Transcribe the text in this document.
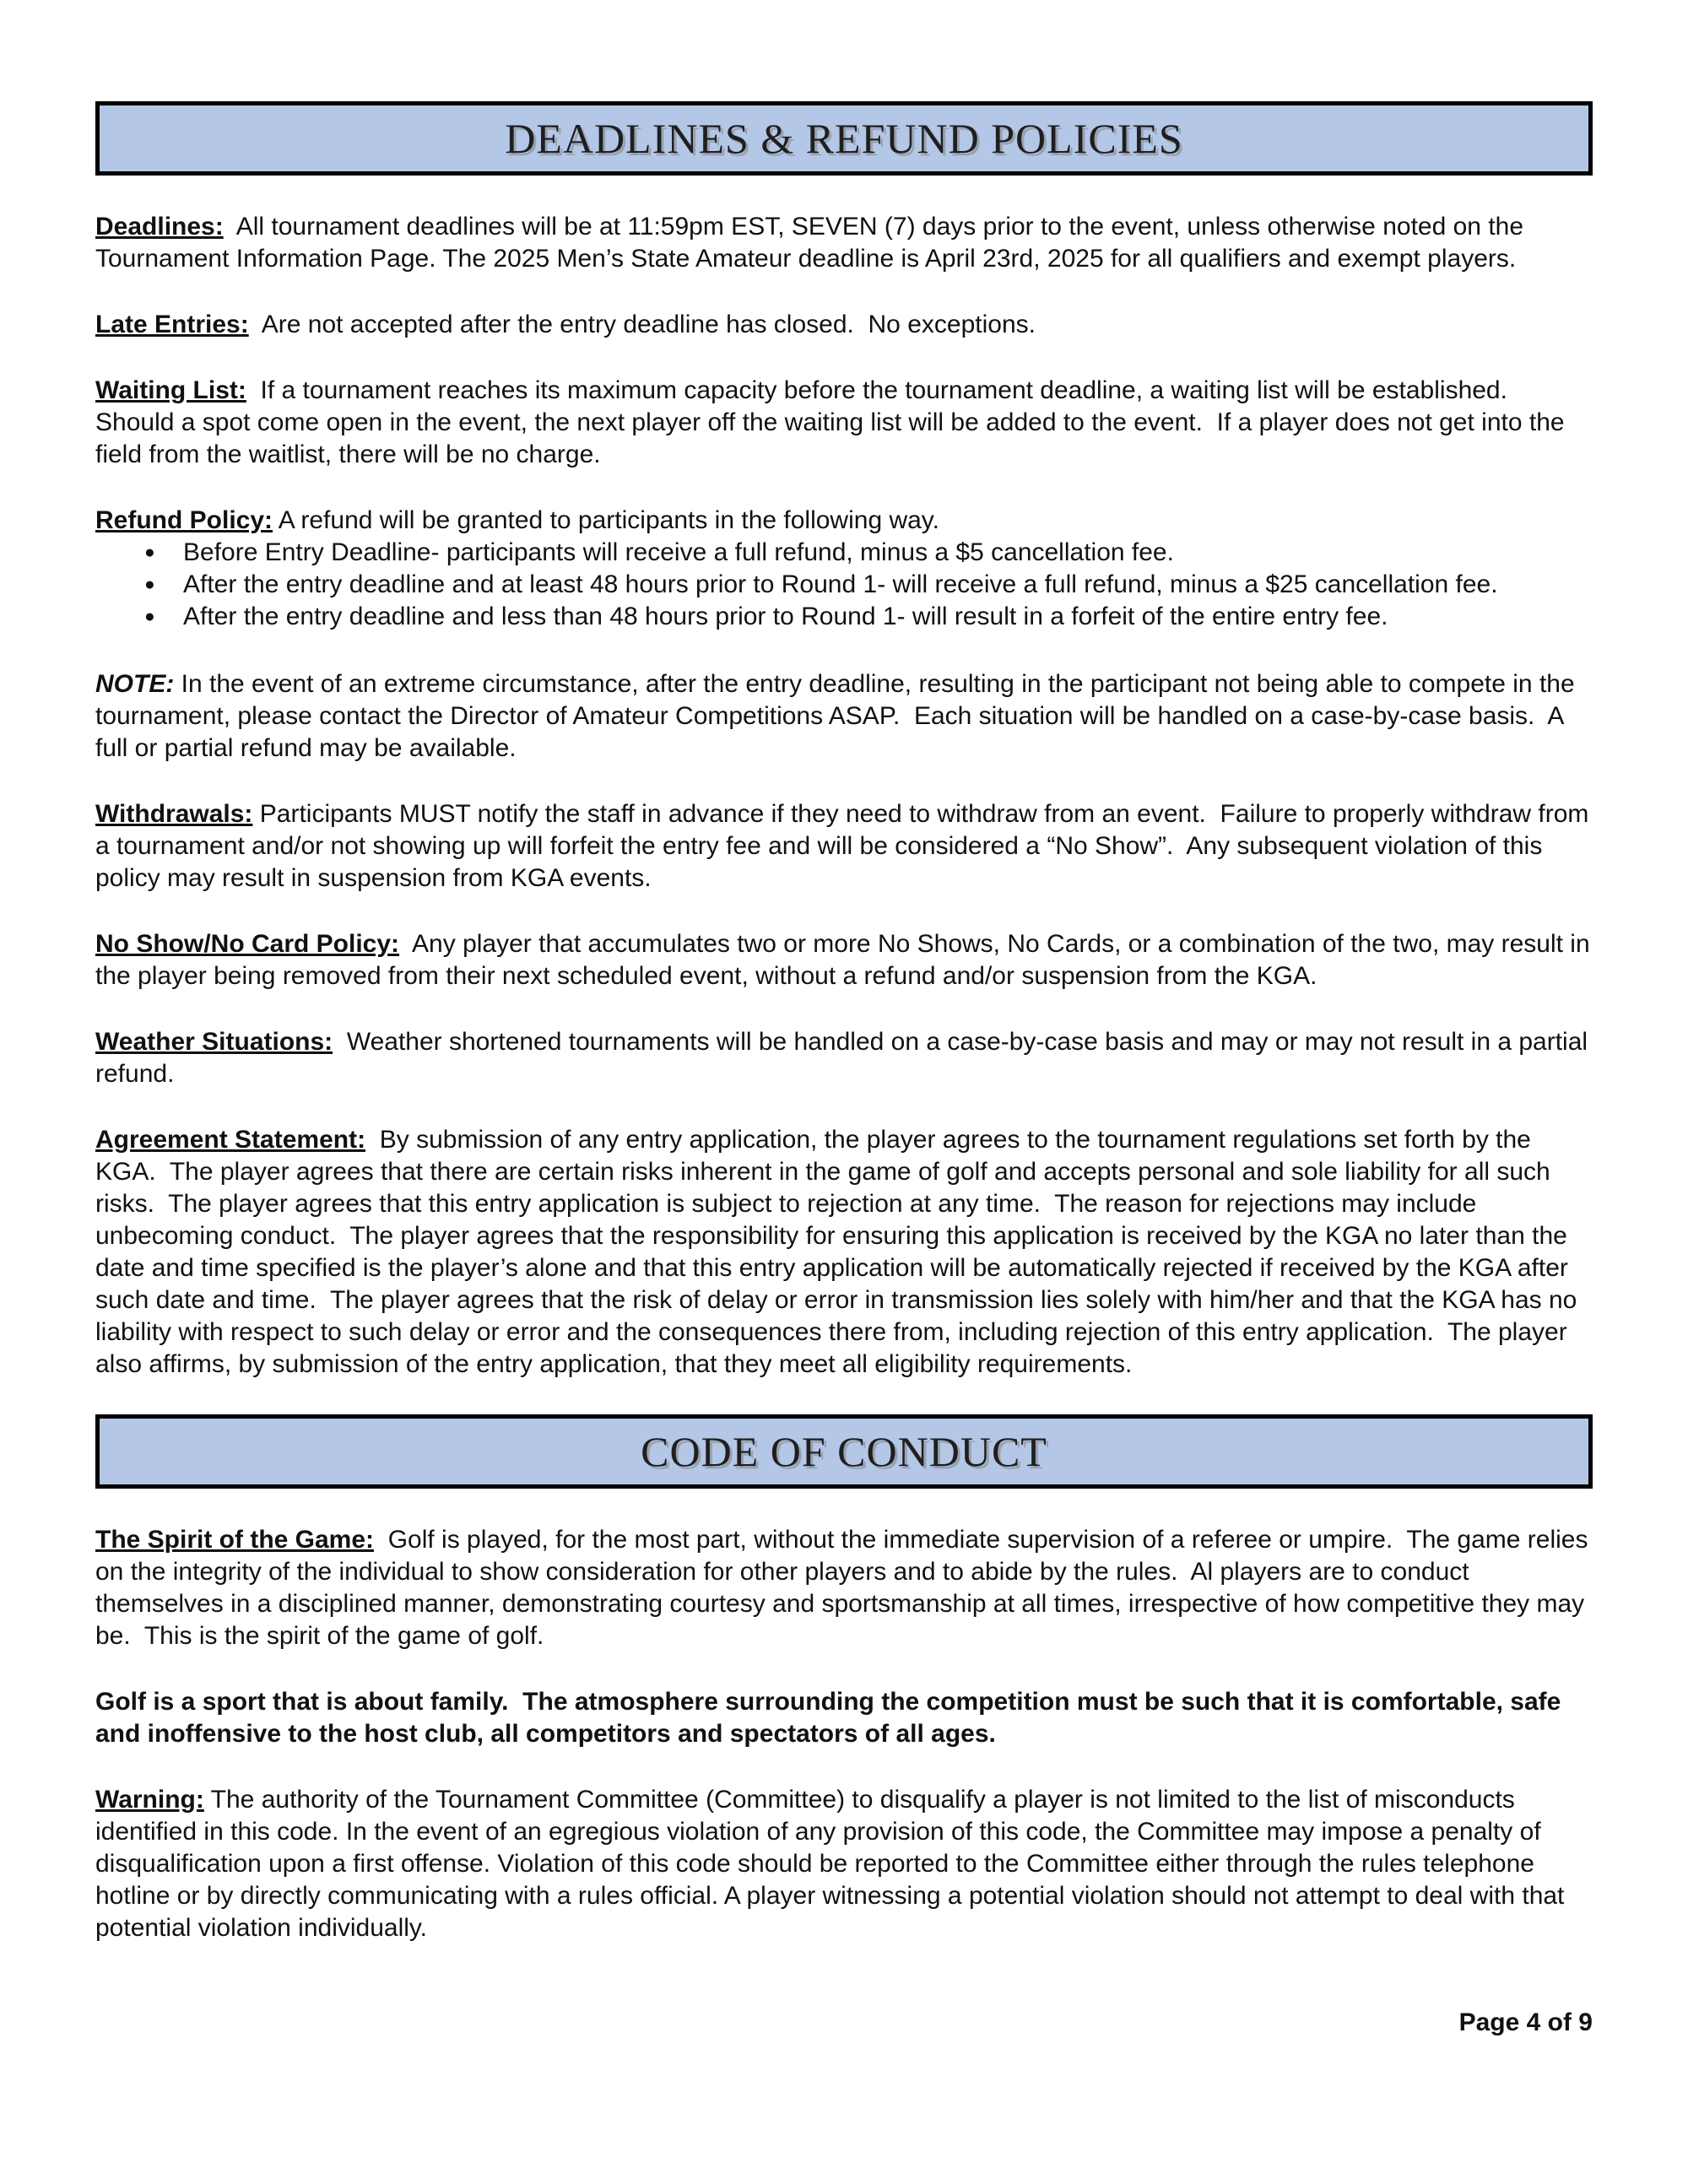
DEADLINES & REFUND POLICIES

Deadlines:  All tournament deadlines will be at 11:59pm EST, SEVEN (7) days prior to the event, unless otherwise noted on the Tournament Information Page. The 2025 Men’s State Amateur deadline is April 23rd, 2025 for all qualifiers and exempt players.

Late Entries:  Are not accepted after the entry deadline has closed.  No exceptions.

Waiting List:  If a tournament reaches its maximum capacity before the tournament deadline, a waiting list will be established. Should a spot come open in the event, the next player off the waiting list will be added to the event.  If a player does not get into the field from the waitlist, there will be no charge.

Refund Policy: A refund will be granted to participants in the following way.

● Before Entry Deadline- participants will receive a full refund, minus a $5 cancellation fee.
● After the entry deadline and at least 48 hours prior to Round 1- will receive a full refund, minus a $25 cancellation fee.
● After the entry deadline and less than 48 hours prior to Round 1- will result in a forfeit of the entire entry fee.

NOTE: In the event of an extreme circumstance, after the entry deadline, resulting in the participant not being able to compete in the tournament, please contact the Director of Amateur Competitions ASAP.  Each situation will be handled on a case-by-case basis.  A full or partial refund may be available.

Withdrawals: Participants MUST notify the staff in advance if they need to withdraw from an event.  Failure to properly withdraw from a tournament and/or not showing up will forfeit the entry fee and will be considered a “No Show”.  Any subsequent violation of this policy may result in suspension from KGA events.

No Show/No Card Policy:  Any player that accumulates two or more No Shows, No Cards, or a combination of the two, may result in the player being removed from their next scheduled event, without a refund and/or suspension from the KGA.

Weather Situations:  Weather shortened tournaments will be handled on a case-by-case basis and may or may not result in a partial refund.

Agreement Statement:  By submission of any entry application, the player agrees to the tournament regulations set forth by the KGA.  The player agrees that there are certain risks inherent in the game of golf and accepts personal and sole liability for all such risks.  The player agrees that this entry application is subject to rejection at any time.  The reason for rejections may include unbecoming conduct.  The player agrees that the responsibility for ensuring this application is received by the KGA no later than the date and time specified is the player’s alone and that this entry application will be automatically rejected if received by the KGA after such date and time.  The player agrees that the risk of delay or error in transmission lies solely with him/her and that the KGA has no liability with respect to such delay or error and the consequences there from, including rejection of this entry application.  The player also affirms, by submission of the entry application, that they meet all eligibility requirements.

CODE OF CONDUCT

The Spirit of the Game:  Golf is played, for the most part, without the immediate supervision of a referee or umpire.  The game relies on the integrity of the individual to show consideration for other players and to abide by the rules.  Al players are to conduct themselves in a disciplined manner, demonstrating courtesy and sportsmanship at all times, irrespective of how competitive they may be.  This is the spirit of the game of golf.

Golf is a sport that is about family.  The atmosphere surrounding the competition must be such that it is comfortable, safe and inoffensive to the host club, all competitors and spectators of all ages.

Warning: The authority of the Tournament Committee (Committee) to disqualify a player is not limited to the list of misconducts identified in this code. In the event of an egregious violation of any provision of this code, the Committee may impose a penalty of disqualification upon a first offense. Violation of this code should be reported to the Committee either through the rules telephone hotline or by directly communicating with a rules official. A player witnessing a potential violation should not attempt to deal with that potential violation individually.

Page 4 of 9
